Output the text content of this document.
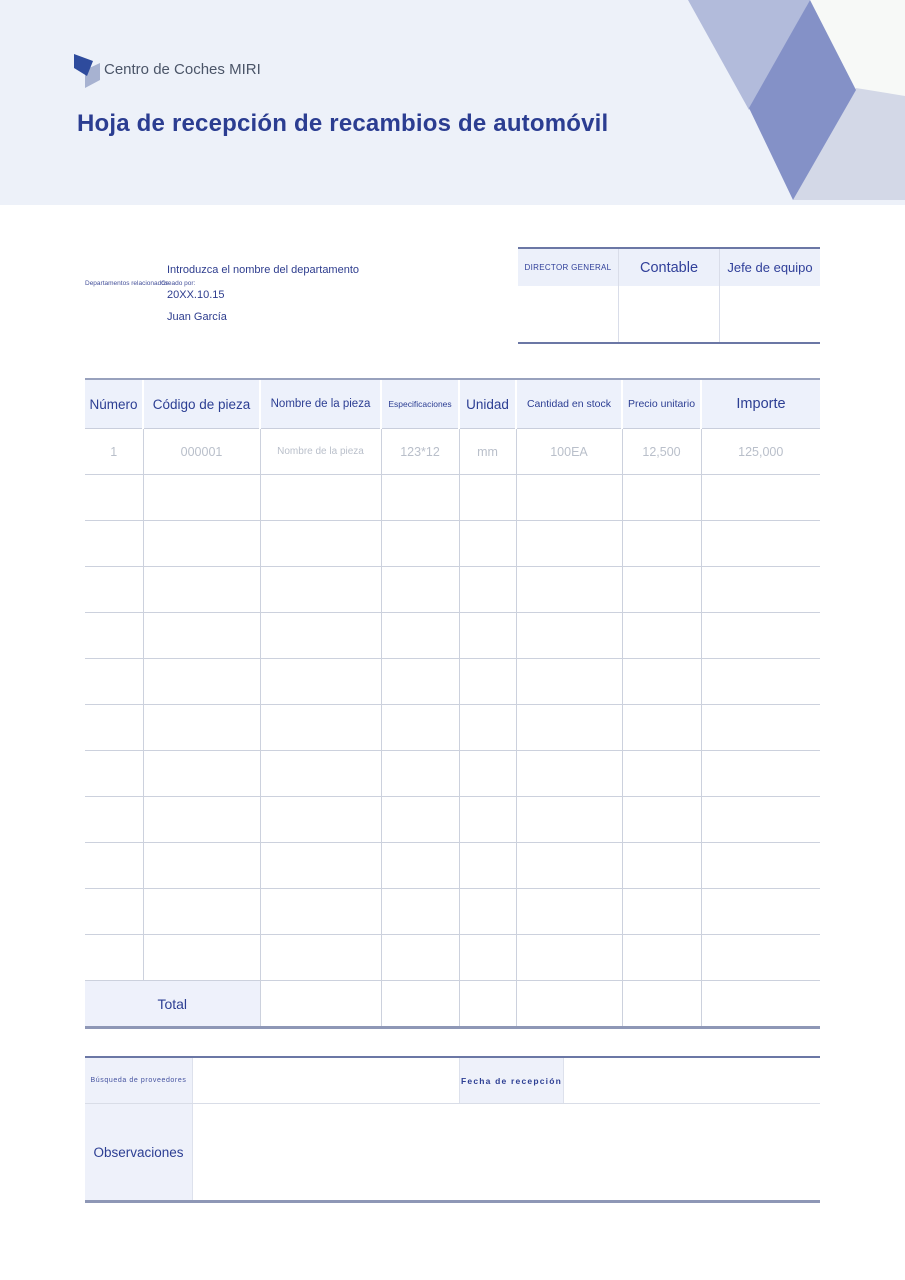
Centro de Coches MIRI
Hoja de recepción de recambios de automóvil
Departamentos relacionados:
Creado por:
Introduzca el nombre del departamento
20XX.10.15
Juan García
DIRECTOR GENERAL	Contable	Jefe de equipo
Número	Código de pieza	Nombre de la pieza	Especificaciones	Unidad	Cantidad en stock	Precio unitario	Importe
1	000001	Nombre de la pieza	123*12	mm	100EA	12,500	125,000

Total							
Búsqueda de proveedores	Fecha de recepción
Observaciones
